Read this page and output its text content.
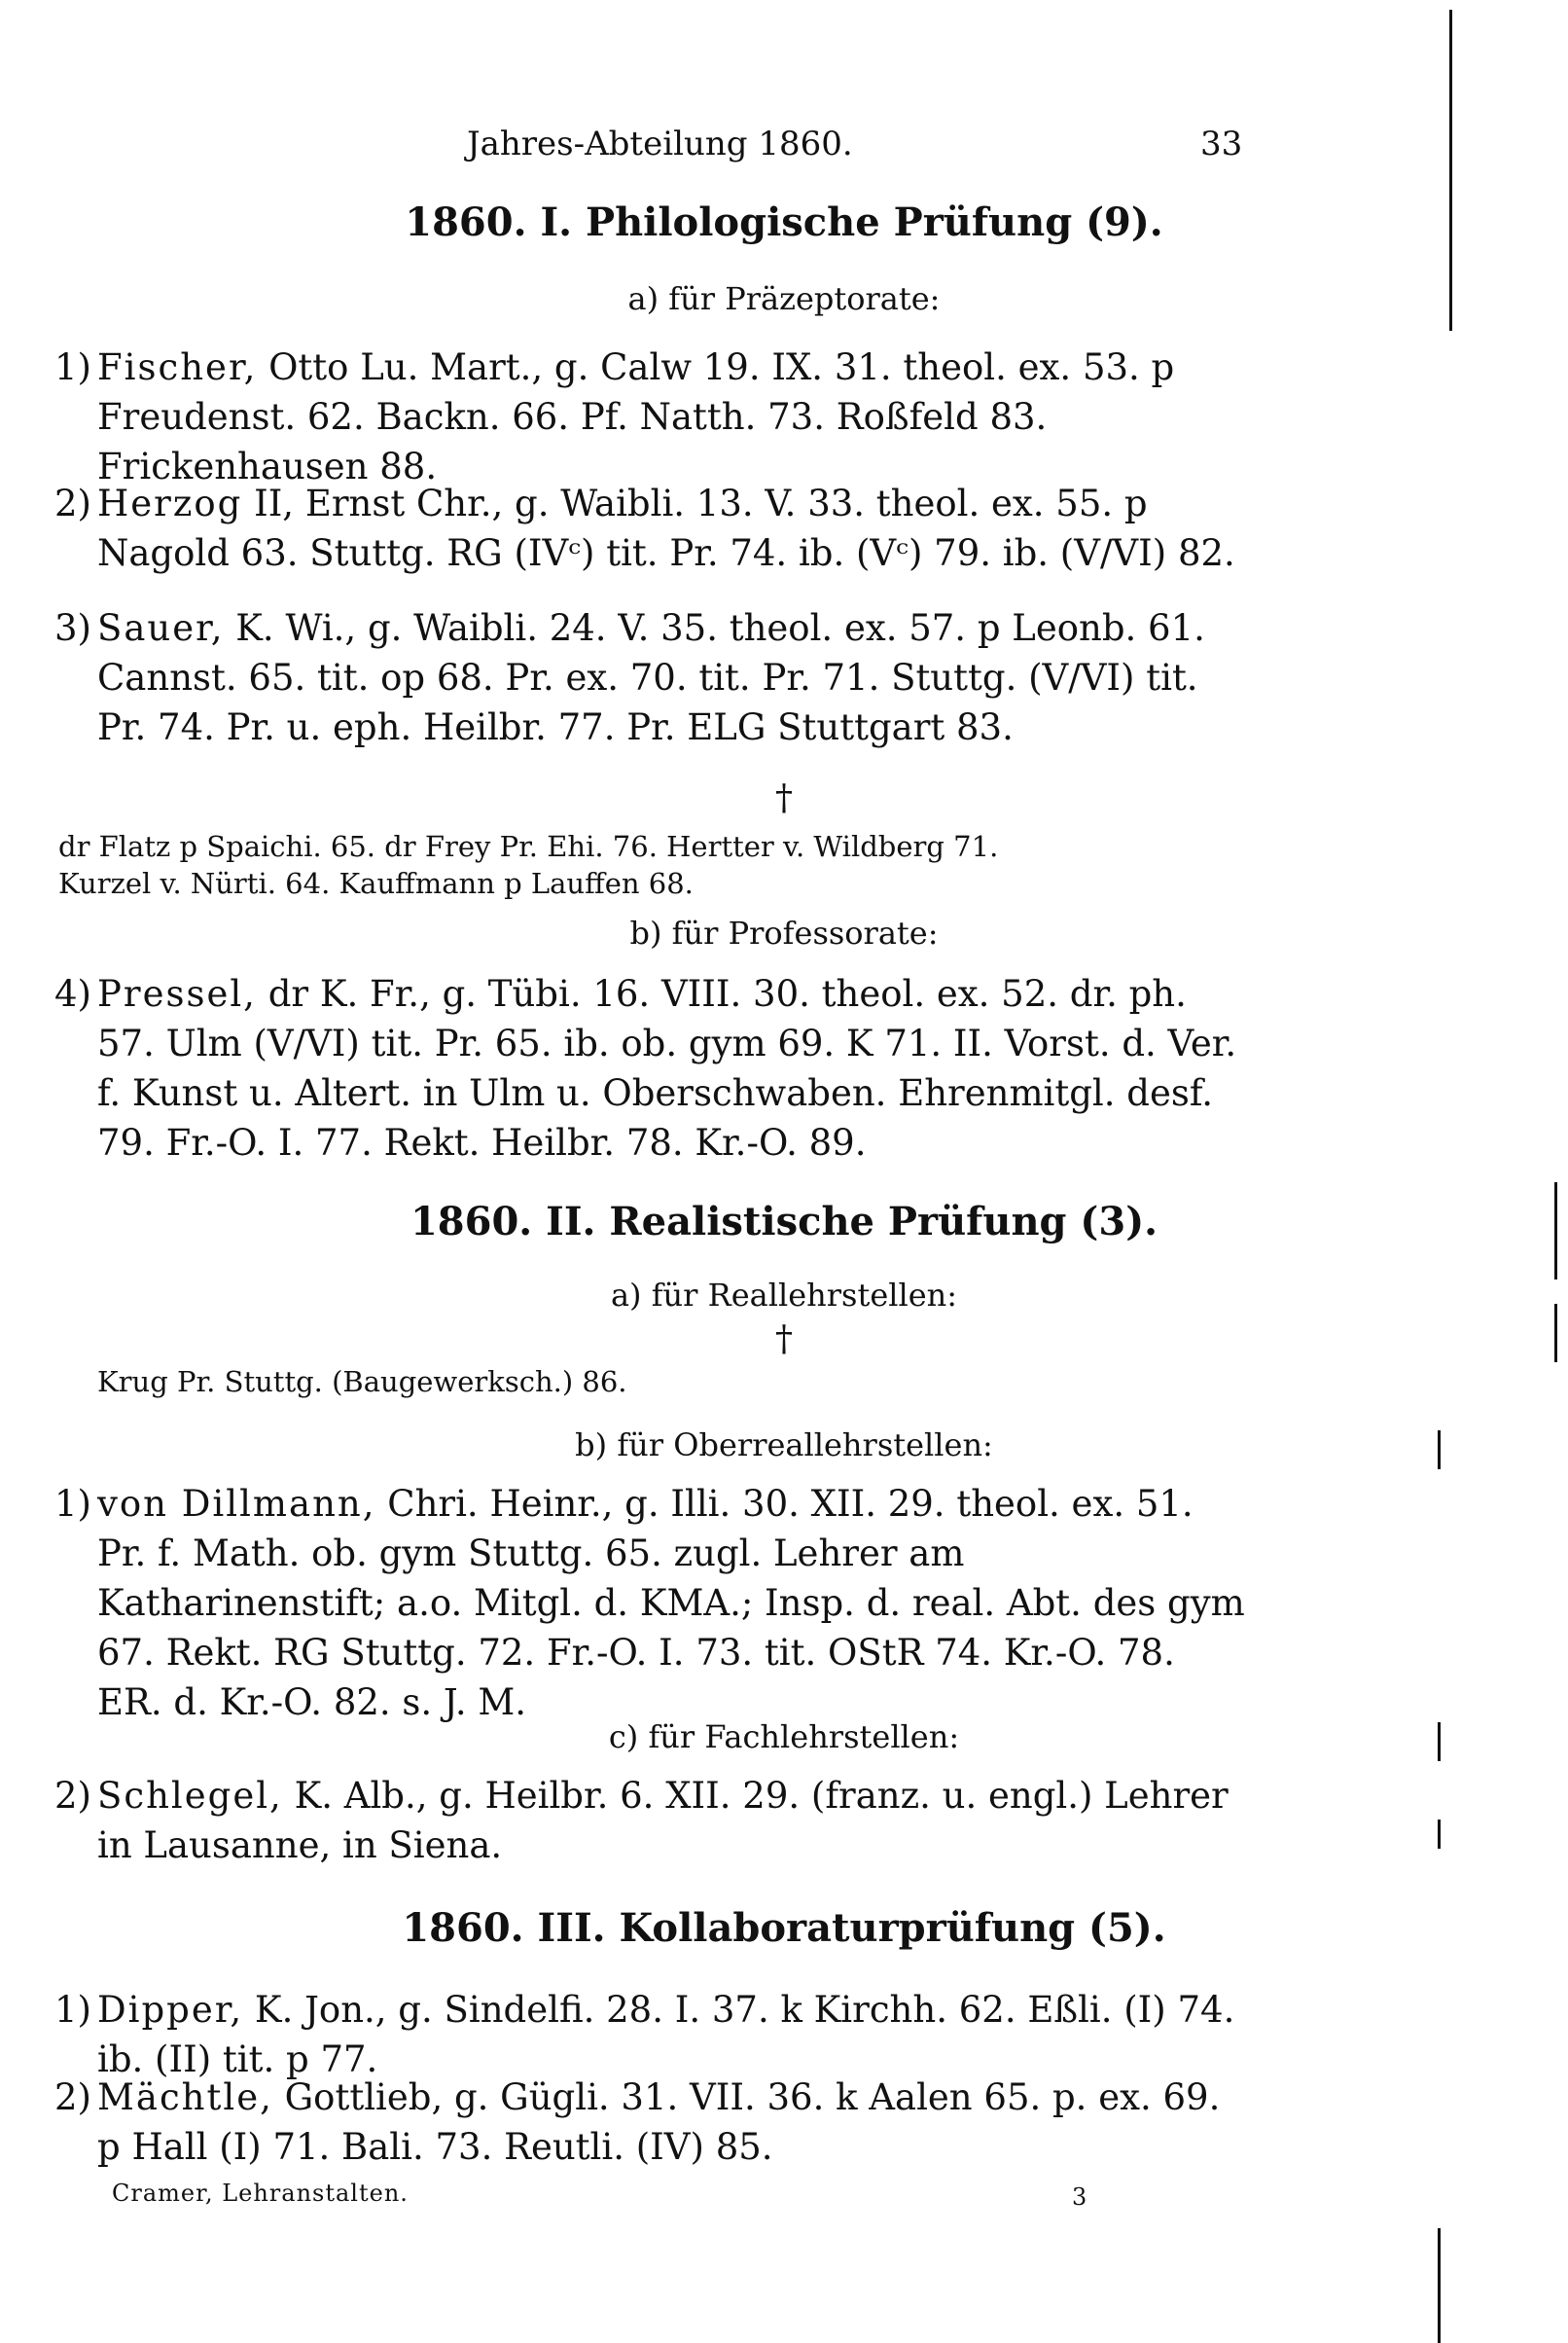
Jahres-Abteilung 1860.	33
1860. I. Philologische Prüfung (9).
a) für Präzeptorate:
1) Fischer, Otto Lu. Mart., g. Calw 19. IX. 31. theol. ex. 53. p Freudenst. 62. Backn. 66. Pf. Natth. 73. Roßfeld 83. Frickenhausen 88.
2) Herzog II, Ernst Chr., g. Waibli. 13. V. 33. theol. ex. 55. p Nagold 63. Stuttg. RG (IVᶜ) tit. Pr. 74. ib. (Vᶜ) 79. ib. (V/VI) 82.
3) Sauer, K. Wi., g. Waibli. 24. V. 35. theol. ex. 57. p Leonb. 61. Cannst. 65. tit. op 68. Pr. ex. 70. tit. Pr. 71. Stuttg. (V/VI) tit. Pr. 74. Pr. u. eph. Heilbr. 77. Pr. ELG Stuttgart 83.
†
dr Flatz p Spaichi. 65. dr Frey Pr. Ehi. 76. Hertter v. Wildberg 71.
Kurzel v. Nürti. 64. Kauffmann p Lauffen 68.
b) für Professorate:
4) Pressel, dr K. Fr., g. Tübi. 16. VIII. 30. theol. ex. 52. dr. ph. 57. Ulm (V/VI) tit. Pr. 65. ib. ob. gym 69. K 71. II. Vorst. d. Ver. f. Kunst u. Altert. in Ulm u. Oberschwaben. Ehrenmitgl. desf. 79. Fr.-O. I. 77. Rekt. Heilbr. 78. Kr.-O. 89.
1860. II. Realistische Prüfung (3).
a) für Reallehrstellen:
†
Krug Pr. Stuttg. (Baugewerksch.) 86.
b) für Oberreallehrstellen:
1) von Dillmann, Chri. Heinr., g. Illi. 30. XII. 29. theol. ex. 51. Pr. f. Math. ob. gym Stuttg. 65. zugl. Lehrer am Katharinenstift; a.o. Mitgl. d. KMA.; Insp. d. real. Abt. des gym 67. Rekt. RG Stuttg. 72. Fr.-O. I. 73. tit. OStR 74. Kr.-O. 78. ER. d. Kr.-O. 82. s. J. M.
c) für Fachlehrstellen:
2) Schlegel, K. Alb., g. Heilbr. 6. XII. 29. (franz. u. engl.) Lehrer in Lausanne, in Siena.
1860. III. Kollaboraturprüfung (5).
1) Dipper, K. Jon., g. Sindelfi. 28. I. 37. k Kirchh. 62. Eßli. (I) 74. ib. (II) tit. p 77.
2) Mächtle, Gottlieb, g. Gügli. 31. VII. 36. k Aalen 65. p. ex. 69. p Hall (I) 71. Bali. 73. Reutli. (IV) 85.
Cramer, Lehranstalten.	3
